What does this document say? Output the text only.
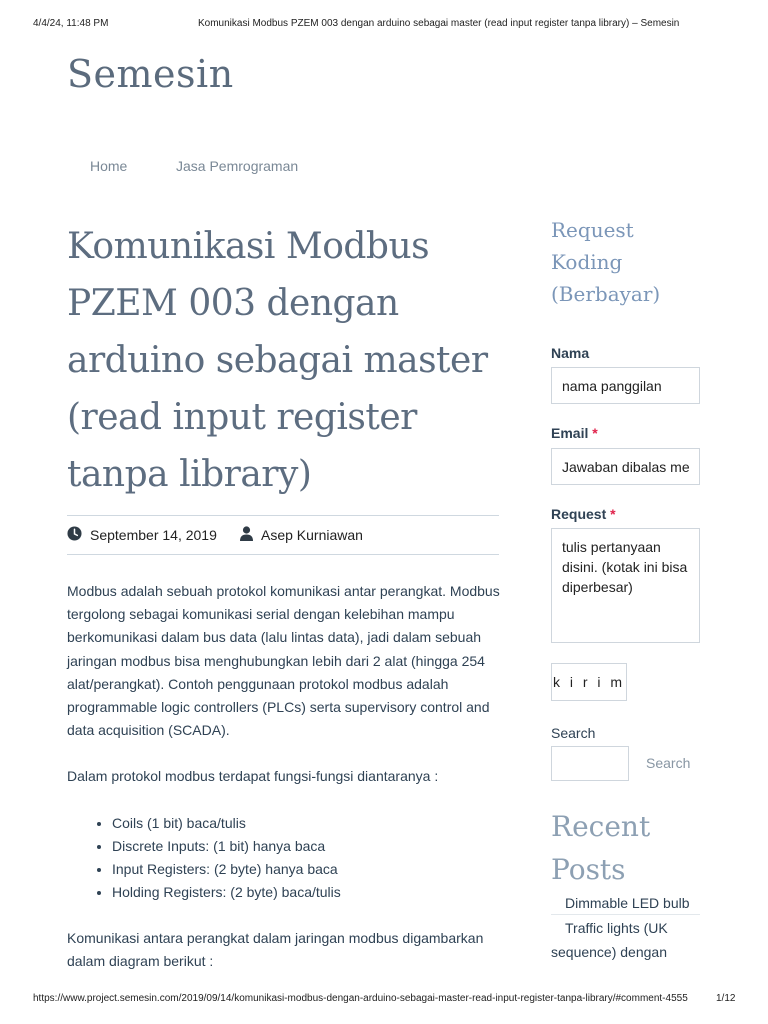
4/4/24, 11:48 PM	Komunikasi Modbus PZEM 003 dengan arduino sebagai master (read input register tanpa library) – Semesin
Semesin
Home	Jasa Pemrograman
Komunikasi Modbus PZEM 003 dengan arduino sebagai master (read input register tanpa library)
September 14, 2019	Asep Kurniawan

Modbus adalah sebuah protokol komunikasi antar perangkat. Modbus tergolong sebagai komunikasi serial dengan kelebihan mampu berkomunikasi dalam bus data (lalu lintas data), jadi dalam sebuah jaringan modbus bisa menghubungkan lebih dari 2 alat (hingga 254 alat/perangkat). Contoh penggunaan protokol modbus adalah programmable logic controllers (PLCs) serta supervisory control and data acquisition (SCADA).

Dalam protokol modbus terdapat fungsi-fungsi diantaranya :

• Coils (1 bit) baca/tulis
• Discrete Inputs: (1 bit) hanya baca
• Input Registers: (2 byte) hanya baca
• Holding Registers: (2 byte) baca/tulis

Komunikasi antara perangkat dalam jaringan modbus digambarkan dalam diagram berikut :

Request Koding (Berbayar)
Nama
nama panggilan
Email *
Jawaban dibalas me
Request *
tulis pertanyaan disini. (kotak ini bisa diperbesar)
k i r i m
Search
Search
Recent Posts
Dimmable LED bulb
Traffic lights (UK sequence) dengan
https://www.project.semesin.com/2019/09/14/komunikasi-modbus-dengan-arduino-sebagai-master-read-input-register-tanpa-library/#comment-4555	1/12
